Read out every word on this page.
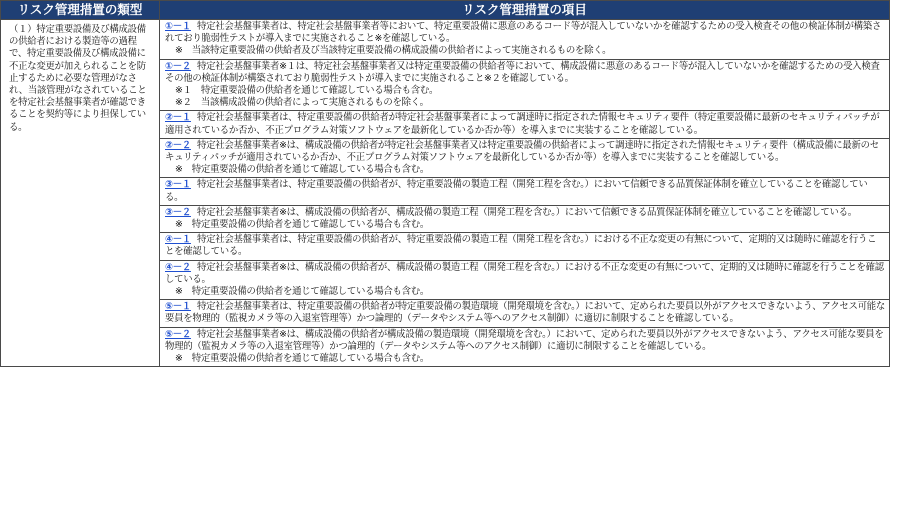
リスク管理措置の類型	リスク管理措置の項目
（１）特定重要設備及び構成設備の供給者における製造等の過程で、特定重要設備及び構成設備に不正な変更が加えられることを防止するために必要な管理がなされ、当該管理がなされていることを特定社会基盤事業者が確認できることを契約等により担保している。	①－１ 特定社会基盤事業者は、特定社会基盤事業者等において、特定重要設備に悪意のあるコード等が混入していないかを確認するための受入検査その他の検証体制が構築されており脆弱性テストが導入までに実施されること※を確認している。
※　当該特定重要設備の供給者及び当該特定重要設備の構成設備の供給者によって実施されるものを除く。

	①－２ 特定社会基盤事業者※１は、特定社会基盤事業者又は特定重要設備の供給者等において、構成設備に悪意のあるコード等が混入していないかを確認するための受入検査その他の検証体制が構築されており脆弱性テストが導入までに実施されること※２を確認している。
※１　特定重要設備の供給者を通じて確認している場合も含む。
※２　当該構成設備の供給者によって実施されるものを除く。

	②－１ 特定社会基盤事業者は、特定重要設備の供給者が特定社会基盤事業者によって調達時に指定された情報セキュリティ要件（特定重要設備に最新のセキュリティパッチが適用されているか否か、不正プログラム対策ソフトウェアを最新化しているか否か等）を導入までに実装することを確認している。
	②－２ 特定社会基盤事業者※は、構成設備の供給者が特定社会基盤事業者又は特定重要設備の供給者によって調達時に指定された情報セキュリティ要件（構成設備に最新のセキュリティパッチが適用されているか否か、不正プログラム対策ソフトウェアを最新化しているか否か等）を導入までに実装することを確認している。
※　特定重要設備の供給者を通じて確認している場合も含む。

	③－１ 特定社会基盤事業者は、特定重要設備の供給者が、特定重要設備の製造工程（開発工程を含む。）において信頼できる品質保証体制を確立していることを確認している。
	③－２ 特定社会基盤事業者※は、構成設備の供給者が、構成設備の製造工程（開発工程を含む。）において信頼できる品質保証体制を確立していることを確認している。
※　特定重要設備の供給者を通じて確認している場合も含む。

	④－１ 特定社会基盤事業者は、特定重要設備の供給者が、特定重要設備の製造工程（開発工程を含む。）における不正な変更の有無について、定期的又は随時に確認を行うことを確認している。
	④－２ 特定社会基盤事業者※は、構成設備の供給者が、構成設備の製造工程（開発工程を含む。）における不正な変更の有無について、定期的又は随時に確認を行うことを確認している。
※　特定重要設備の供給者を通じて確認している場合も含む。

	⑤－１ 特定社会基盤事業者は、特定重要設備の供給者が特定重要設備の製造環境（開発環境を含む。）において、定められた要員以外がアクセスできないよう、アクセス可能な要員を物理的（監視カメラ等の入退室管理等）かつ論理的（データやシステム等へのアクセス制御）に適切に制限することを確認している。
	⑤－２ 特定社会基盤事業者※は、構成設備の供給者が構成設備の製造環境（開発環境を含む。）において、定められた要員以外がアクセスできないよう、アクセス可能な要員を物理的（監視カメラ等の入退室管理等）かつ論理的（データやシステム等へのアクセス制御）に適切に制限することを確認している。
※　特定重要設備の供給者を通じて確認している場合も含む。
